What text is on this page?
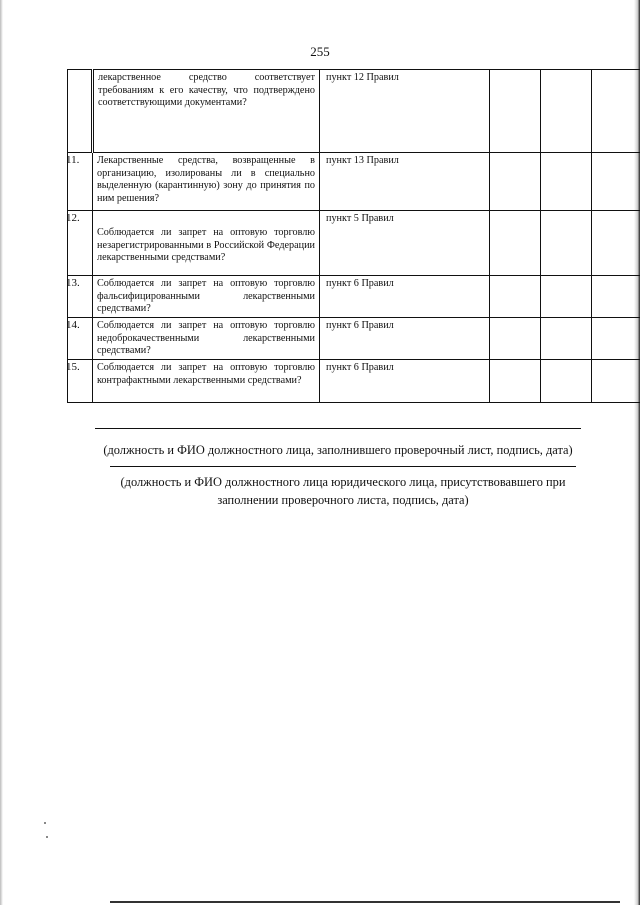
255
	лекарственное средство соответствует требованиям к его качеству, что подтверждено соответствующими документами?	пункт 12 Правил			
11.	Лекарственные средства, возвращенные в организацию, изолированы ли в специально выделенную (карантинную) зону до принятия по ним решения?	пункт 13 Правил			
12.	Соблюдается ли запрет на оптовую торговлю незарегистрированными в Российской Федерации лекарственными средствами?	пункт 5 Правил			
13.	Соблюдается ли запрет на оптовую торговлю фальсифицированными лекарственными средствами?	пункт 6 Правил			
14.	Соблюдается ли запрет на оптовую торговлю недоброкачественными лекарственными средствами?	пункт 6 Правил			
15.	Соблюдается ли запрет на оптовую торговлю контрафактными лекарственными средствами?	пункт 6 Правил			
(должность и ФИО должностного лица, заполнившего проверочный лист, подпись, дата)
(должность и ФИО должностного лица юридического лица, присутствовавшего при заполнении проверочного листа, подпись, дата)
